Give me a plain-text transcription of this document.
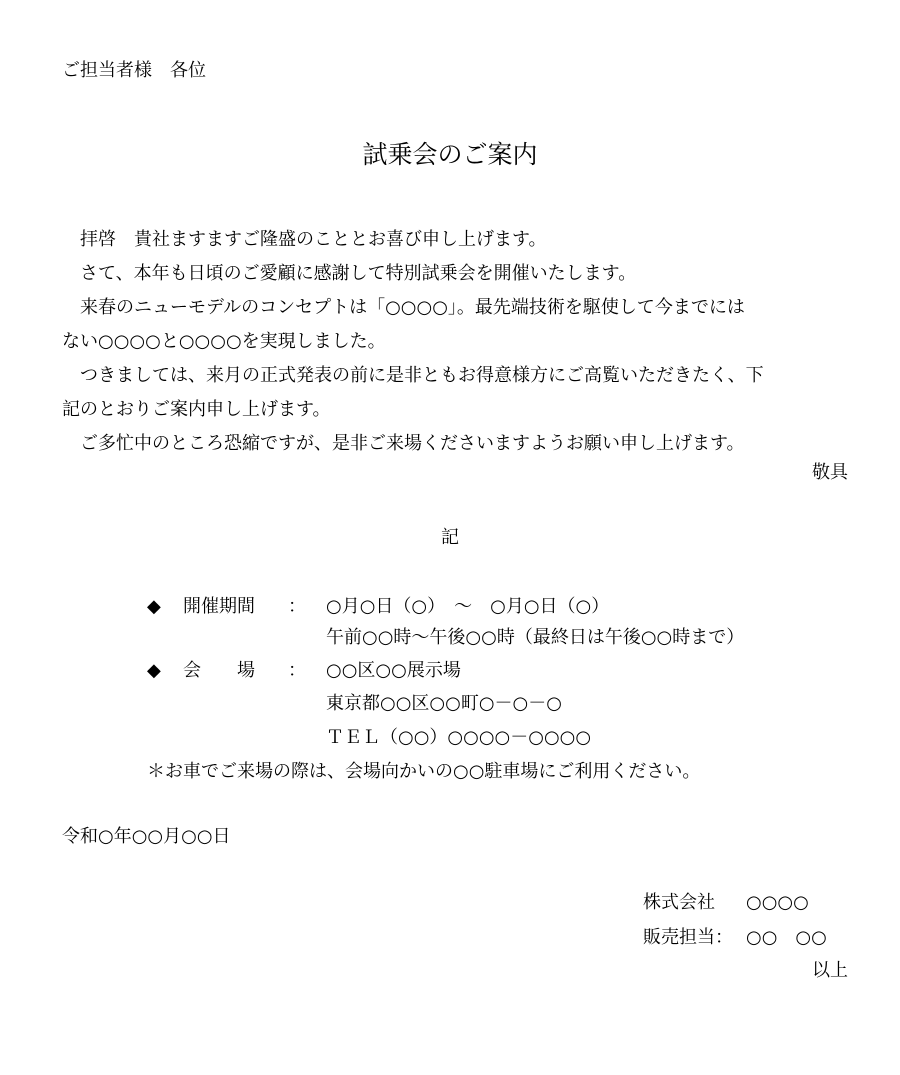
ご担当者様　各位
試乗会のご案内
　拝啓　貴社ますますご隆盛のこととお喜び申し上げます。
　さて、本年も日頃のご愛顧に感謝して特別試乗会を開催いたします。
　来春のニューモデルのコンセプトは「○○○○」。最先端技術を駆使して今までには
ない○○○○と○○○○を実現しました。
　つきましては、来月の正式発表の前に是非ともお得意様方にご高覧いただきたく、下
記のとおりご案内申し上げます。
　ご多忙中のところ恐縮ですが、是非ご来場くださいますようお願い申し上げます。
敬具
記
◆ 開催期間 ： ○月○日（○）　～　○月○日（○）
午前○○時～午後○○時（最終日は午後○○時まで）
◆ 会　　場 ： ○○区○○展示場
東京都○○区○○町○－○－○
ＴＥＬ（○○）○○○○－○○○○
＊お車でご来場の際は、会場向かいの○○駐車場にご利用ください。
令和○年○○月○○日
株式会社 ○○○○
販売担当： ○○　○○
以上
